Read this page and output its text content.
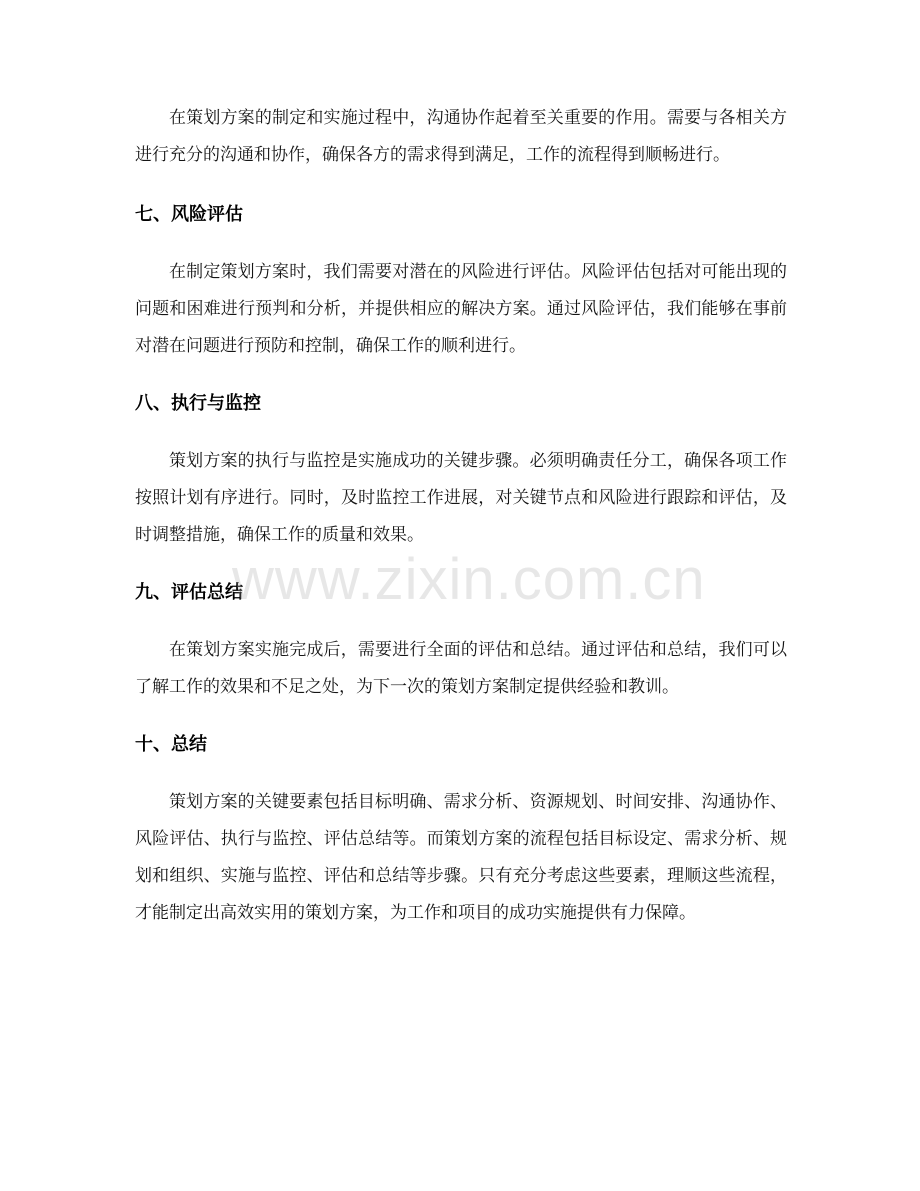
在策划方案的制定和实施过程中，沟通协作起着至关重要的作用。需要与各相关方进行充分的沟通和协作，确保各方的需求得到满足，工作的流程得到顺畅进行。

七、风险评估

在制定策划方案时，我们需要对潜在的风险进行评估。风险评估包括对可能出现的问题和困难进行预判和分析，并提供相应的解决方案。通过风险评估，我们能够在事前对潜在问题进行预防和控制，确保工作的顺利进行。

八、执行与监控

策划方案的执行与监控是实施成功的关键步骤。必须明确责任分工，确保各项工作按照计划有序进行。同时，及时监控工作进展，对关键节点和风险进行跟踪和评估，及时调整措施，确保工作的质量和效果。

九、评估总结

在策划方案实施完成后，需要进行全面的评估和总结。通过评估和总结，我们可以了解工作的效果和不足之处，为下一次的策划方案制定提供经验和教训。

十、总结

策划方案的关键要素包括目标明确、需求分析、资源规划、时间安排、沟通协作、风险评估、执行与监控、评估总结等。而策划方案的流程包括目标设定、需求分析、规划和组织、实施与监控、评估和总结等步骤。只有充分考虑这些要素，理顺这些流程，才能制定出高效实用的策划方案，为工作和项目的成功实施提供有力保障。

www.zixin.com.cn
